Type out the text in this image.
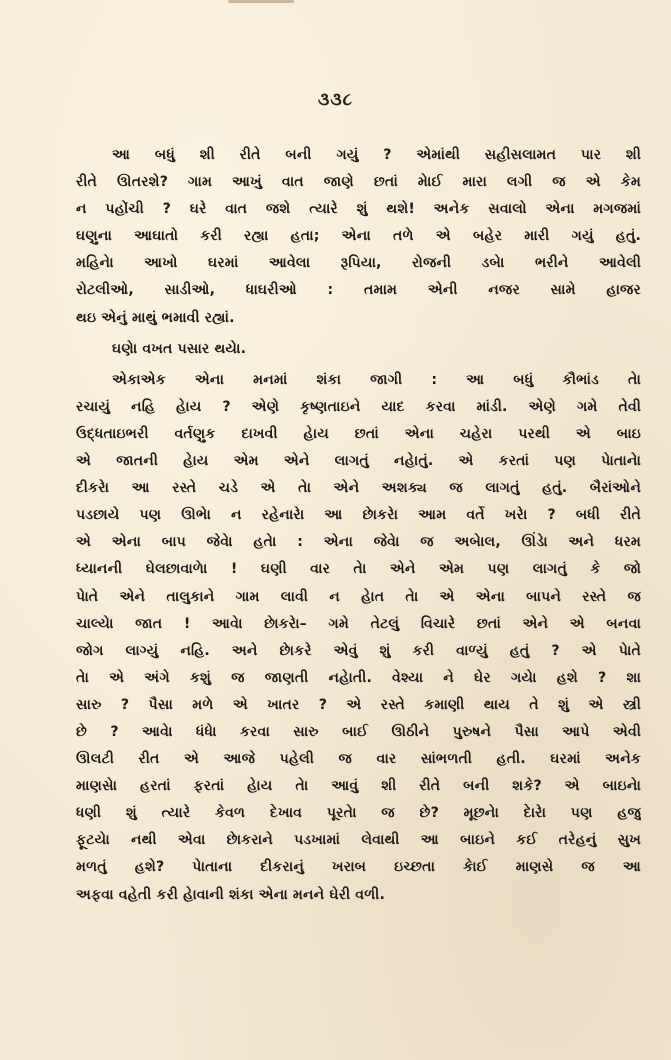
૩૩૮
આ બધું શી રીતે બની ગયું ? એમાંથી સહીસલામત પાર શી
રીતે ઊતરશે? ગામ આખું વાત જાણે છતાં મેાઈ મારા લગી જ એ કેમ
ન પહોંચી ? ઘરે વાત જશે ત્યારે શું થશે! અનેક સવાલો એના મગજમાં
ઘણુના આઘાતો કરી રહ્યા હતા; એના તળે એ બહેર મારી ગયું હતું.
મહિનેા આખો ઘરમાં આવેલા રૂપિયા, રોજની ડબેા ભરીને આવેલી
રોટલીઓ, સાડીઓ, ધાઘરીઓ : તમામ એની નજર સામે હાજર
થઇ એનું માથું ભમાવી રહ્યાં.
ઘણેા વખત પસાર થયેા.
એકાએક એના મનમાં શંકા જાગી : આ બધું કૌભાંડ તેા
રચાયું નહિ હેાય ? એણે કૃષ્ણતાઇને યાદ કરવા માંડી. એણે ગમે તેવી
ઉદ્ધતાઇભરી વર્તણુક દાખવી હેાય છતાં એના ચહેરા પરથી એ બાઇ
એ જાતની હેાય એમ એને લાગતું નહેાતું. એ કરતાં પણ પેાતાનેા
દીકરેા આ રસ્તે ચડે એ તેા એને અશક્ય જ લાગતું હતું. બૈરાંઓને
પડછાયે પણ ઊભેા ન રહેનારેા આ છેાકરેા આમ વર્તે ખરેા ? બધી રીતે
એ એના બાપ જેવેા હતેા : એના જેવેા જ અબેાલ, ઊંડેા અને ધરમ
ધ્યાનની ઘેલછાવાળેા ! ઘણી વાર તેા એને એમ પણ લાગતું કે જો
પેાતે એને તાલુકાને ગામ લાવી ન હેાત તેા એ એના બાપને રસ્તે જ
ચાલ્યેા જાત ! આવેા છેાકરેા– ગમે તેટલું વિચારે છતાં એને એ બનવા
જોગ લાગ્યું નહિ. અને છેાકરે એવું શું કરી વાળ્યું હતું ? એ પેાતે
તેા એ અંગે કશું જ જાણતી નહેાતી. વેશ્યા ને ઘેર ગયેા હશે ? શા
સારુ ? પૈસા મળે એ ખાતર ? એ રસ્તે કમાણી થાય તે શું એ સ્ત્રી
છે ? આવેા ધંધેા કરવા સારુ બાઈ ઊઠીને પુરુષને પૈસા આપે એવી
ઊલટી રીત એ આજે પહેલી જ વાર સાંભળતી હતી. ઘરમાં અનેક
માણસેા હરતાં ફરતાં હેાય તેા આવું શી રીતે બની શકે? એ બાઇનેા
ધણી શું ત્યારે કેવળ દેખાવ પૂરતેા જ છે? મૂછનેા દેારેા પણ હજુ
ફૂટયેા નથી એવા છેાકરાને પડખામાં લેવાથી આ બાઇને કઈ તરેહનું સુખ
મળતું હશે? પેાતાના દીકરાનું ખરાબ ઇચ્છતા કેાઈ માણસે જ આ
અફવા વહેતી કરી હેાવાની શંકા એના મનને ઘેરી વળી.
